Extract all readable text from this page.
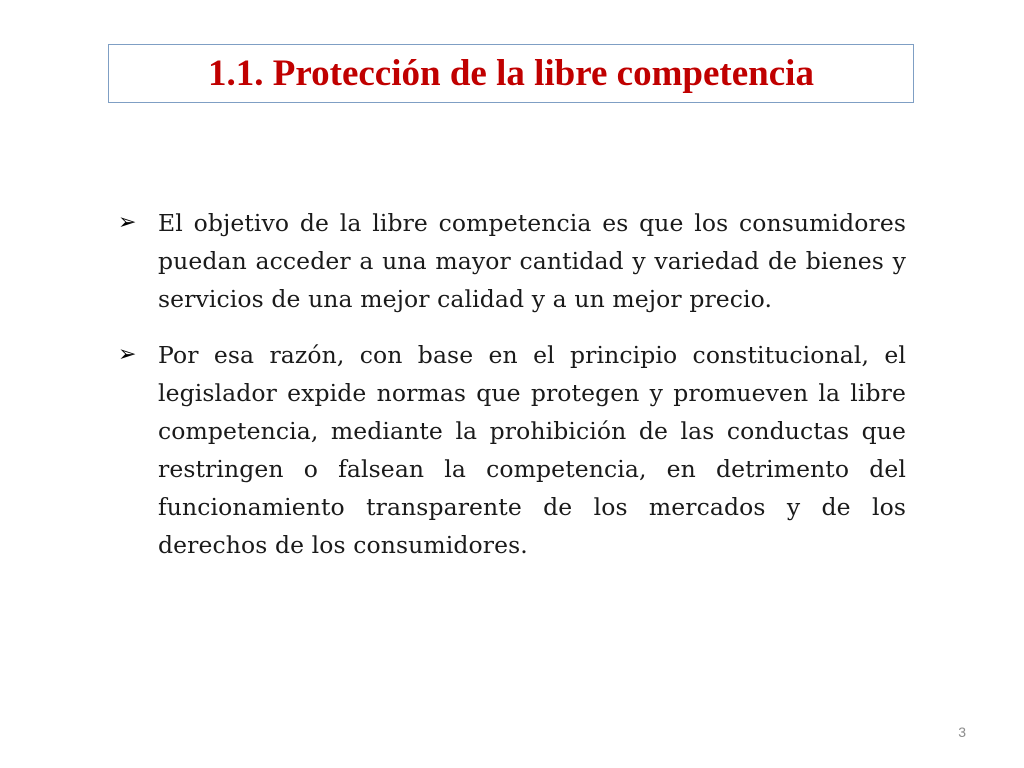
1.1. Protección de la libre competencia
➢ El objetivo de la libre competencia es que los consumidores puedan acceder a una mayor cantidad y variedad de bienes y servicios de una mejor calidad y a un mejor precio.
➢ Por esa razón, con base en el principio constitucional, el legislador expide normas que protegen y promueven la libre competencia, mediante la prohibición de las conductas que restringen o falsean la competencia, en detrimento del funcionamiento transparente de los mercados y de los derechos de los consumidores.
3
